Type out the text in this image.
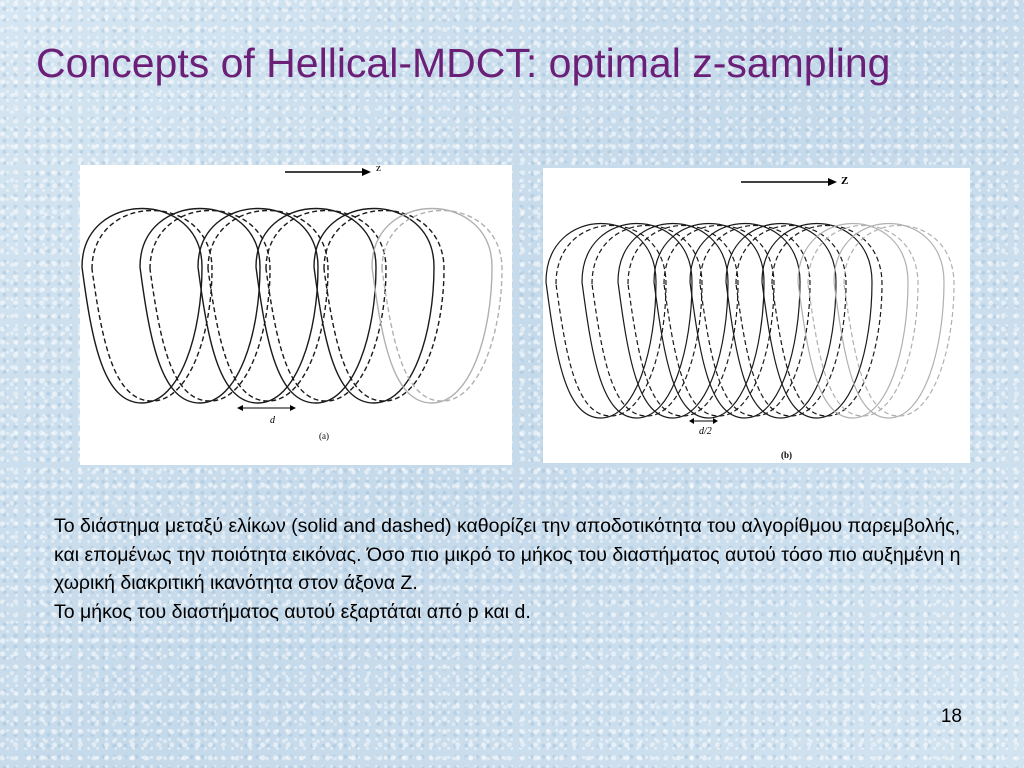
Concepts of Hellical-MDCT: optimal z-sampling
z
d
(a)
Z
d/2
(b)

Το διάστημα μεταξύ ελίκων (solid and dashed) καθορίζει την αποδοτικότητα του αλγορίθμου παρεμβολής, και επομένως την ποιότητα εικόνας. Όσο πιο μικρό το μήκος του διαστήματος αυτού τόσο πιο αυξημένη η χωρική διακριτική ικανότητα στον άξονα Z.

Το μήκος του διαστήματος αυτού εξαρτάται από p και d.

18
